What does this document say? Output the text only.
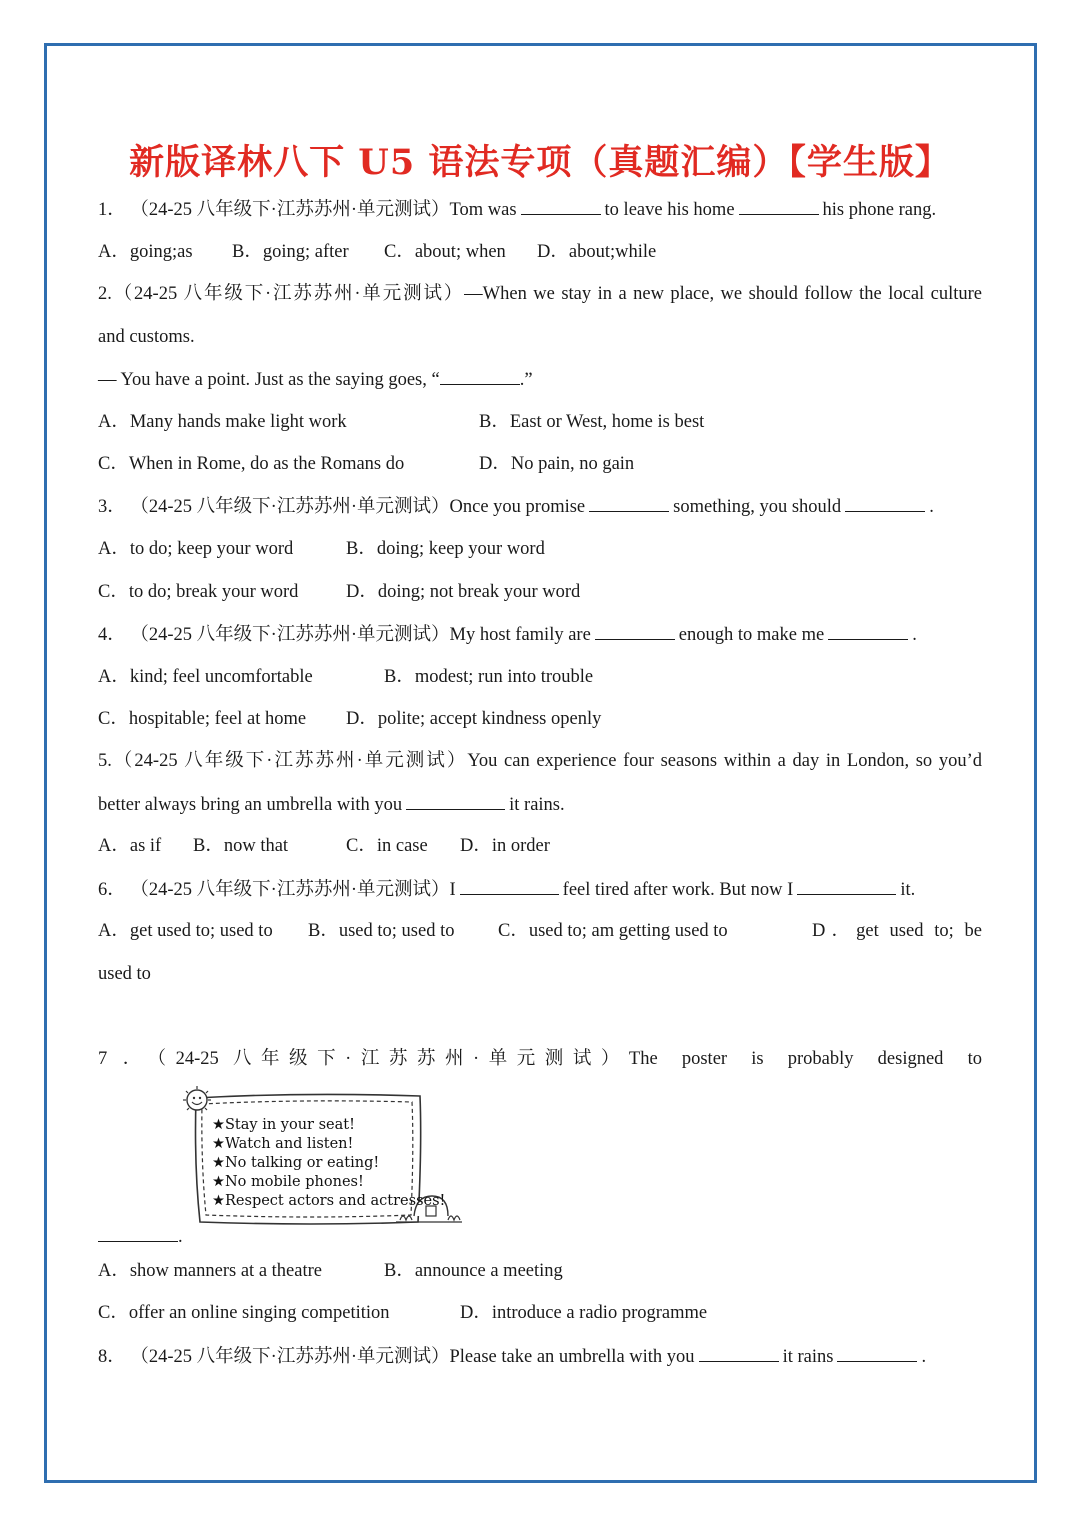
新版译林八下 U5 语法专项（真题汇编）【学生版】
1． （24-25 八年级下·江苏苏州·单元测试）Tom was	to leave his home	his phone rang.
A．going;as B．going; after C．about; when D．about;while
2.（24-25 八年级下·江苏苏州·单元测试）—When we stay in a new place, we should follow the local culture
and customs.
— You have a point. Just as the saying goes, “	.”
A．Many hands make light work	B．East or West, home is best
C．When in Rome, do as the Romans do	D．No pain, no gain
3． （24-25 八年级下·江苏苏州·单元测试）Once you promise	something, you should	.
A．to do; keep your word	B．doing; keep your word
C．to do; break your word	D．doing; not break your word
4． （24-25 八年级下·江苏苏州·单元测试）My host family are	enough to make me	.
A．kind; feel uncomfortable	B．modest; run into trouble
C．hospitable; feel at home D．polite; accept kindness openly
5.（24-25 八年级下·江苏苏州·单元测试）You can experience four seasons within a day in London, so you’d
better always bring an umbrella with you	it rains.
A．as if B．now that	C．in case D．in order
6． （24-25 八年级下·江苏苏州·单元测试）I	feel tired after work. But now I	it.
A．get used to; used to B．used to; used to C．used to; am getting used to	D．get used to; be
used to
7．（24-25 八年级下·江苏苏州·单元测试）The poster is probably designed to
★Stay in your seat!
★Watch and listen!
★No talking or eating!
★No mobile phones!
★Respect actors and actresses!
.
A．show manners at a theatre	B．announce a meeting
C．offer an online singing competition	D．introduce a radio programme
8． （24-25 八年级下·江苏苏州·单元测试）Please take an umbrella with you	it rains	.
